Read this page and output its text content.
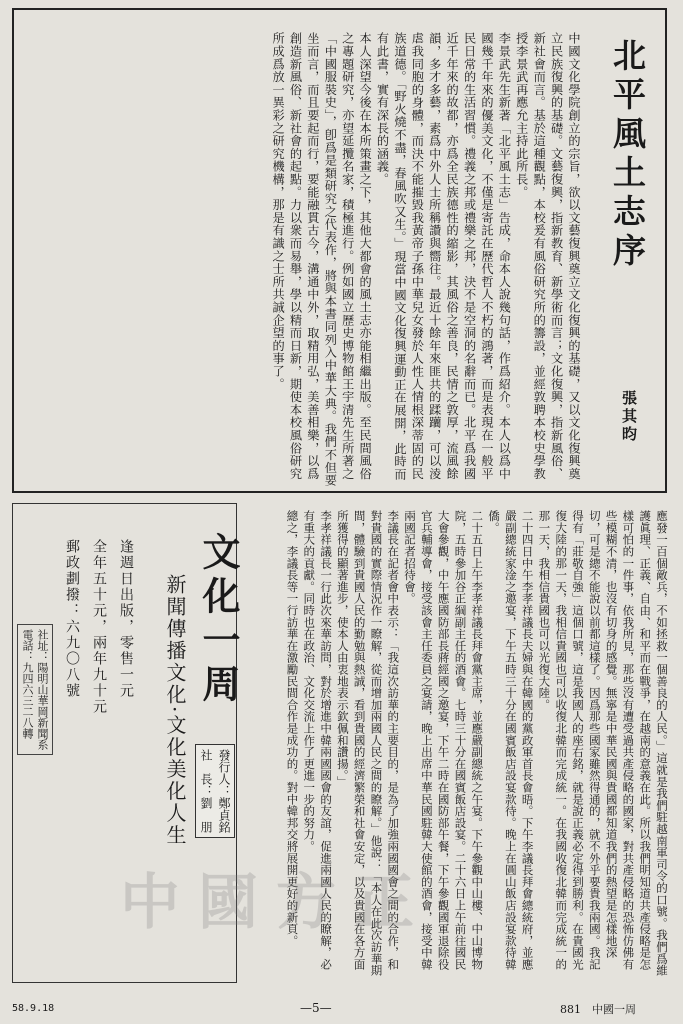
北平風土志序
張其昀

中國文化學院創立的宗旨，欲以文藝復興奠立文化復興的基礎，又以文化復興奠立民族復興的基礎。文藝復興，指新教育、新學術而言；文化復興，指新風俗、新社會而言。基於這種觀點，本校爰有風俗研究所的籌設，並經敦聘本校史學教授李景武再應允主持此所長。

李景武先生新著「北平風土志」告成，命本人說幾句話，作爲紹介。本人以爲中國幾千年來的優美文化，不僅是寄託在歷代哲人不朽的鴻著，而是表現在一般平民日常的生活習慣。禮義之邦或禮樂之邦，決不是空洞的名辭而已。北平爲我國近千年來的故都，亦爲全民族德性的縮影，其風俗之善良，民情之敦厚，流風餘韻，多才多藝，素爲中外人士所稱讚與嚮往。最近十餘年來匪共的蹂躪，可以淩虐我同胞的身體，而決不能摧毀我黃帝子孫中華兒女發於人性人情根深蒂固的民族道德。「野火燒不盡，春風吹又生。」現當中國文化復興運動正在展開，此時而有此書，實有深長的涵義。

本人深望今後在本所策畫之下，其他大都會的風土志亦能相繼出版。至民間風俗之專題研究，亦望延攬名家，積極進行。例如國立歷史博物館王宇清先生所著之「中國服裝史」，卽爲是類研究之代表作，將與本書同列入中華大典。我們不但要坐而言，而且要起而行，要能融貫古今，溝通中外，取精用弘，美善相樂，以爲創造新風俗、新社會的起點。力以衆而易舉，學以精而日新，期使本校風俗研究所成爲放一異彩之研究機構，那是有識之士所共誠企望的事了。

文化一周
新聞傳播文化·文化美化人生
逢週日出版，零售一元
全年五十元，兩年九十元
郵政劃撥：六九〇八號
發行人：鄭貞銘
社　長：劉　朋
社址：陽明山華岡新聞系
電話：九四六三二八轉	應發一百個敵兵，不如拯救一個善良的人民。」這就是我們駐越南軍司令的口號。我們爲維護眞理、正義、自由、和平而在戰爭，在越南的意義在此。所以我們明知道共產侵略是怎樣可怕的一件事，依我所見，那些沒有遭受過共產侵略的國家，對共產侵略的恐怖仿佛有些模糊不清，也沒有切身的感覺。無寧是中華民國與貴國都知道我們的熱望是怎樣地深切，可是總不能說以前都這樣了。因爲那些國家雖然得通的，就不外乎要貴我兩國。我記得有「莊敬自強」這個口號，這是我國人的座右銘，就是說正義必定得到勝利。在貴國光復大陸的那一天，我相信貴國也可以收復北韓而完成統一。在我國收復北韓而完成統一的那一天，我相信貴國也可以光復大陸。

二十四日中午李孝祥議長夫婦與在韓國的黨政軍首長會晤。下午李議長拜會總統府，並應嚴副總統家淦之邀宴，下午五時三十分在國賓飯店設宴款待。晚上在圓山飯店設宴款待韓僑。

二十五日上午李孝祥議長拜會黨主席，並應嚴副總統之午宴。下午參觀中山樓、中山博物院，五時參加谷正綱副主任的酒會。七時三十分在國賓飯店設宴。二十六日上午前往國民大會參觀，中午應國防部長蔣經國之邀宴，下午二時在國防部午餐，下午參觀國軍退除役官兵輔導會，接受該會主任委員之宴請，晚上出席中華民國駐韓大使館的酒會，接受中韓兩國記者招待會。

李議長在記者會中表示：「我這次訪華的主要目的，是為了加強兩國國會之間的合作，和對貴國的實際情況作一瞭解，從而增加兩國人民之間的瞭解。」他說：「本人在此次訪華期間，體驗到貴國人民的勤勉與熱誠，看到貴國的經濟繁榮和社會安定，以及貴國在各方面所獲得的顯著進步，使本人由衷地表示欽佩和讚揚。」

李孝祥議長一行此次來華訪問，對於增進中韓兩國國會的友誼，促進兩國人民的瞭解，必有重大的貢獻。同時也在政治、文化交流上作了更進一步的努力。

總之，李議長等一行訪華在激勵民間合作是成功的。對中韓邦交將展開更好的新頁。

中國方正
58.9.18	—5—	881　中國一周
